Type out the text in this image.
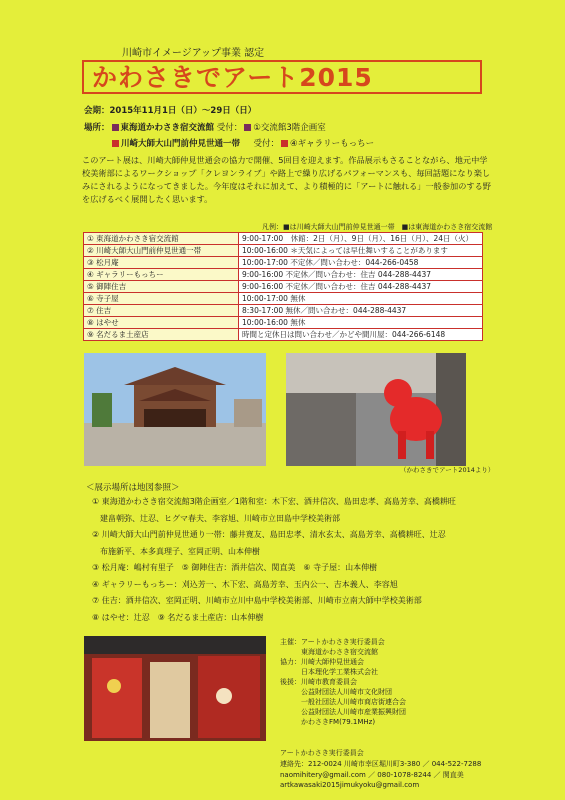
川崎市イメージアップ事業 認定
かわさきでアート2015
会期：2015年11月1日（日）～29日（日）
場所： 東海道かわさき宿交流館 受付： ①交流館3階企画室
川崎大師大山門前仲見世通一帯 受付： ④ギャラリーもっちー
このアート展は、川崎大師仲見世通会の協力で開催、5回目を迎えます。作品展示もさることながら、地元中学校美術部によるワークショップ「クレヨンライブ」や路上で繰り広げるパフォーマンスも、毎回話題になり楽しみにされるようになってきました。今年度はそれに加えて、より積極的に「アートに触れる」一般参加のする野を広げるべく展開したく思います。
凡例：■は川崎大師大山門前仲見世通一帯　■は東海道かわさき宿交流館
① 東海道かわさき宿交流館	9:00-17:00　休館：2日（月）、9日（月）、16日（月）、24日（火）
② 川崎大師大山門前仲見世通一帯	10:00-16:00 ＊天気によっては早仕舞いすることがあります
③ 松月庵	10:00-17:00 不定休／問い合わせ：044-266-0458
④ ギャラリーもっちー	9:00-16:00 不定休／問い合わせ：住吉 044-288-4437
⑤ 御陣住吉	9:00-16:00 不定休／問い合わせ：住吉 044-288-4437
⑥ 寺子屋	10:00-17:00 無休
⑦ 住吉	8:30-17:00 無休／問い合わせ：044-288-4437
⑧ はやせ	10:00-16:00 無休
⑨ 名だるま土産店	時間と定休日は問い合わせ／かどや間川屋：044-266-6148
（かわさきでアート2014より）
＜展示場所は地図参照＞
① 東海道かわさき宿交流館3階企画室／1階和室：木下宏、酒井信次、島田忠孝、高島芳幸、高橋耕旺
　建畠朝弥、辻忍、ヒグマ春夫、李容旭、川崎市立田島中学校美術部
② 川崎大師大山門前仲見世通り一帯：藤井寛友、島田忠孝、清水玄太、高島芳幸、高橋耕旺、辻忍
　布施新平、本多真理子、室岡正明、山本伸樹
③ 松月庵：嶋村有里子　⑤ 御陣住吉：酒井信次、関直美　⑥ 寺子屋：山本伸樹
④ ギャラリーもっちー：刈込芳一、木下宏、高島芳幸、玉内公一、吉本義人、李容旭
⑦ 住吉：酒井信次、室岡正明、川崎市立川中島中学校美術部、川崎市立南大師中学校美術部
⑧ はやせ：辻忍　⑨ 名だるま土産店：山本伸樹
主催：アートかわさき実行委員会
　　　東海道かわさき宿交流館
協力：川崎大師仲見世通会
　　　日本理化学工業株式会社
後援：川崎市教育委員会
　　　公益財団法人川崎市文化財団
　　　一般社団法人川崎市商店街連合会
　　　公益財団法人川崎市産業振興財団
　　　かわさきFM(79.1MHz)
アートかわさき実行委員会
連絡先：212-0024 川崎市幸区堀川町3-380 ／ 044-522-7288
naomihitery@gmail.com ／ 080-1078-8244 ／ 関直美
artkawasaki2015jimukyoku@gmail.com
